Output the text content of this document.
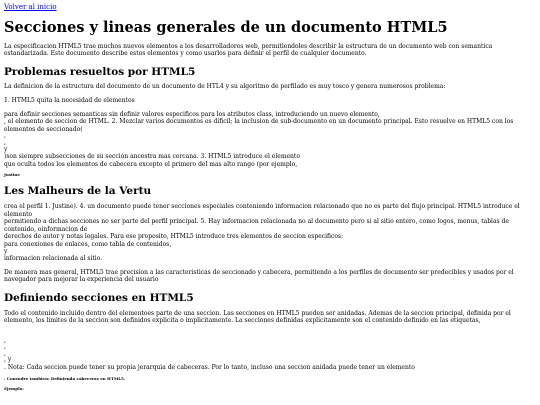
Volver al inicio
Secciones y lineas generales de un documento HTML5

La especificacion HTML5 trae muchos nuevos elementos a los desarrolladores web, permitiendoles describir la estructura de un documento web con semantica estandarizada. Este documento describe estos elementos y como usarlos para definir el perfil de cualquier documento.

Problemas resueltos por HTML5

La definicion de la estructura del documento de un documento de HTL4 y su algoritmo de perfilado es muy tosco y genera numerosos problema:

1. HTML5 quita la necesidad de elementos

para definir secciones semanticas sin definir valores especificos para los atributos class, introduciendo un nuevo elemento,
, el elemento de seccion de HTML. 2. Mezclar varios documentos es dificil; la inclusion de sub-documento en un documento principal. Esto resuelve en HTML5 con los elementos de seccionado(
,
,
y
)son siempre subsecciones de su sección ancestra mas cercana. 3. HTML5 introduce el elemento
que oculta todos los elementos de cabecera excepto el primero del mas alto rango (por ejemplo,
Justine
Les Malheurs de la Vertu
crea el perfil 1. Justine). 4. un documento puede tener secciones especiales conteniendo informacion relacionado que no es parte del flujo principal. HTML5 introduce el elemento
permitiendo a dichas secciones no ser parte del perfil principal. 5. Hay informacion relacionada no al documento pero si al sitio entero, como logos, menus, tablas de contenido, oinformacion de
derechos de autor y notas legales. Para ese proposito, HTML5 introduce tres elementos de seccion especificos:
para conexiones de enlaces, como tabla de contenidos,
y
informacion relacionada al sitio.

De manera mas general, HTML5 trae precision a las caracteristicas de seccionado y cabecera, permitiendo a los perfiles de documento ser predecibles y usados por el navegador para mejorar la experiencia del usuario

Definiendo secciones en HTML5

Todo el contenido incluido dentro del elementoes parte de una seccion. Las secciones en HTML5 pueden ser anidadas. Ademas de la seccion principal, definida por el elemento, los limites de la seccion son definidos explicita o implicitamente. La secciones definidas explicitamente son el contenido definido en las etiquetas,

,
,
,
, y
. Nota: Cada seccion puede tener su propia jerarquia de cabeceras. Por lo tanto, incluso una seccion anidada puede tener un elemento
. Consudre tambien: Definiendo cabeceras en HTML5.
Ejemplo:
